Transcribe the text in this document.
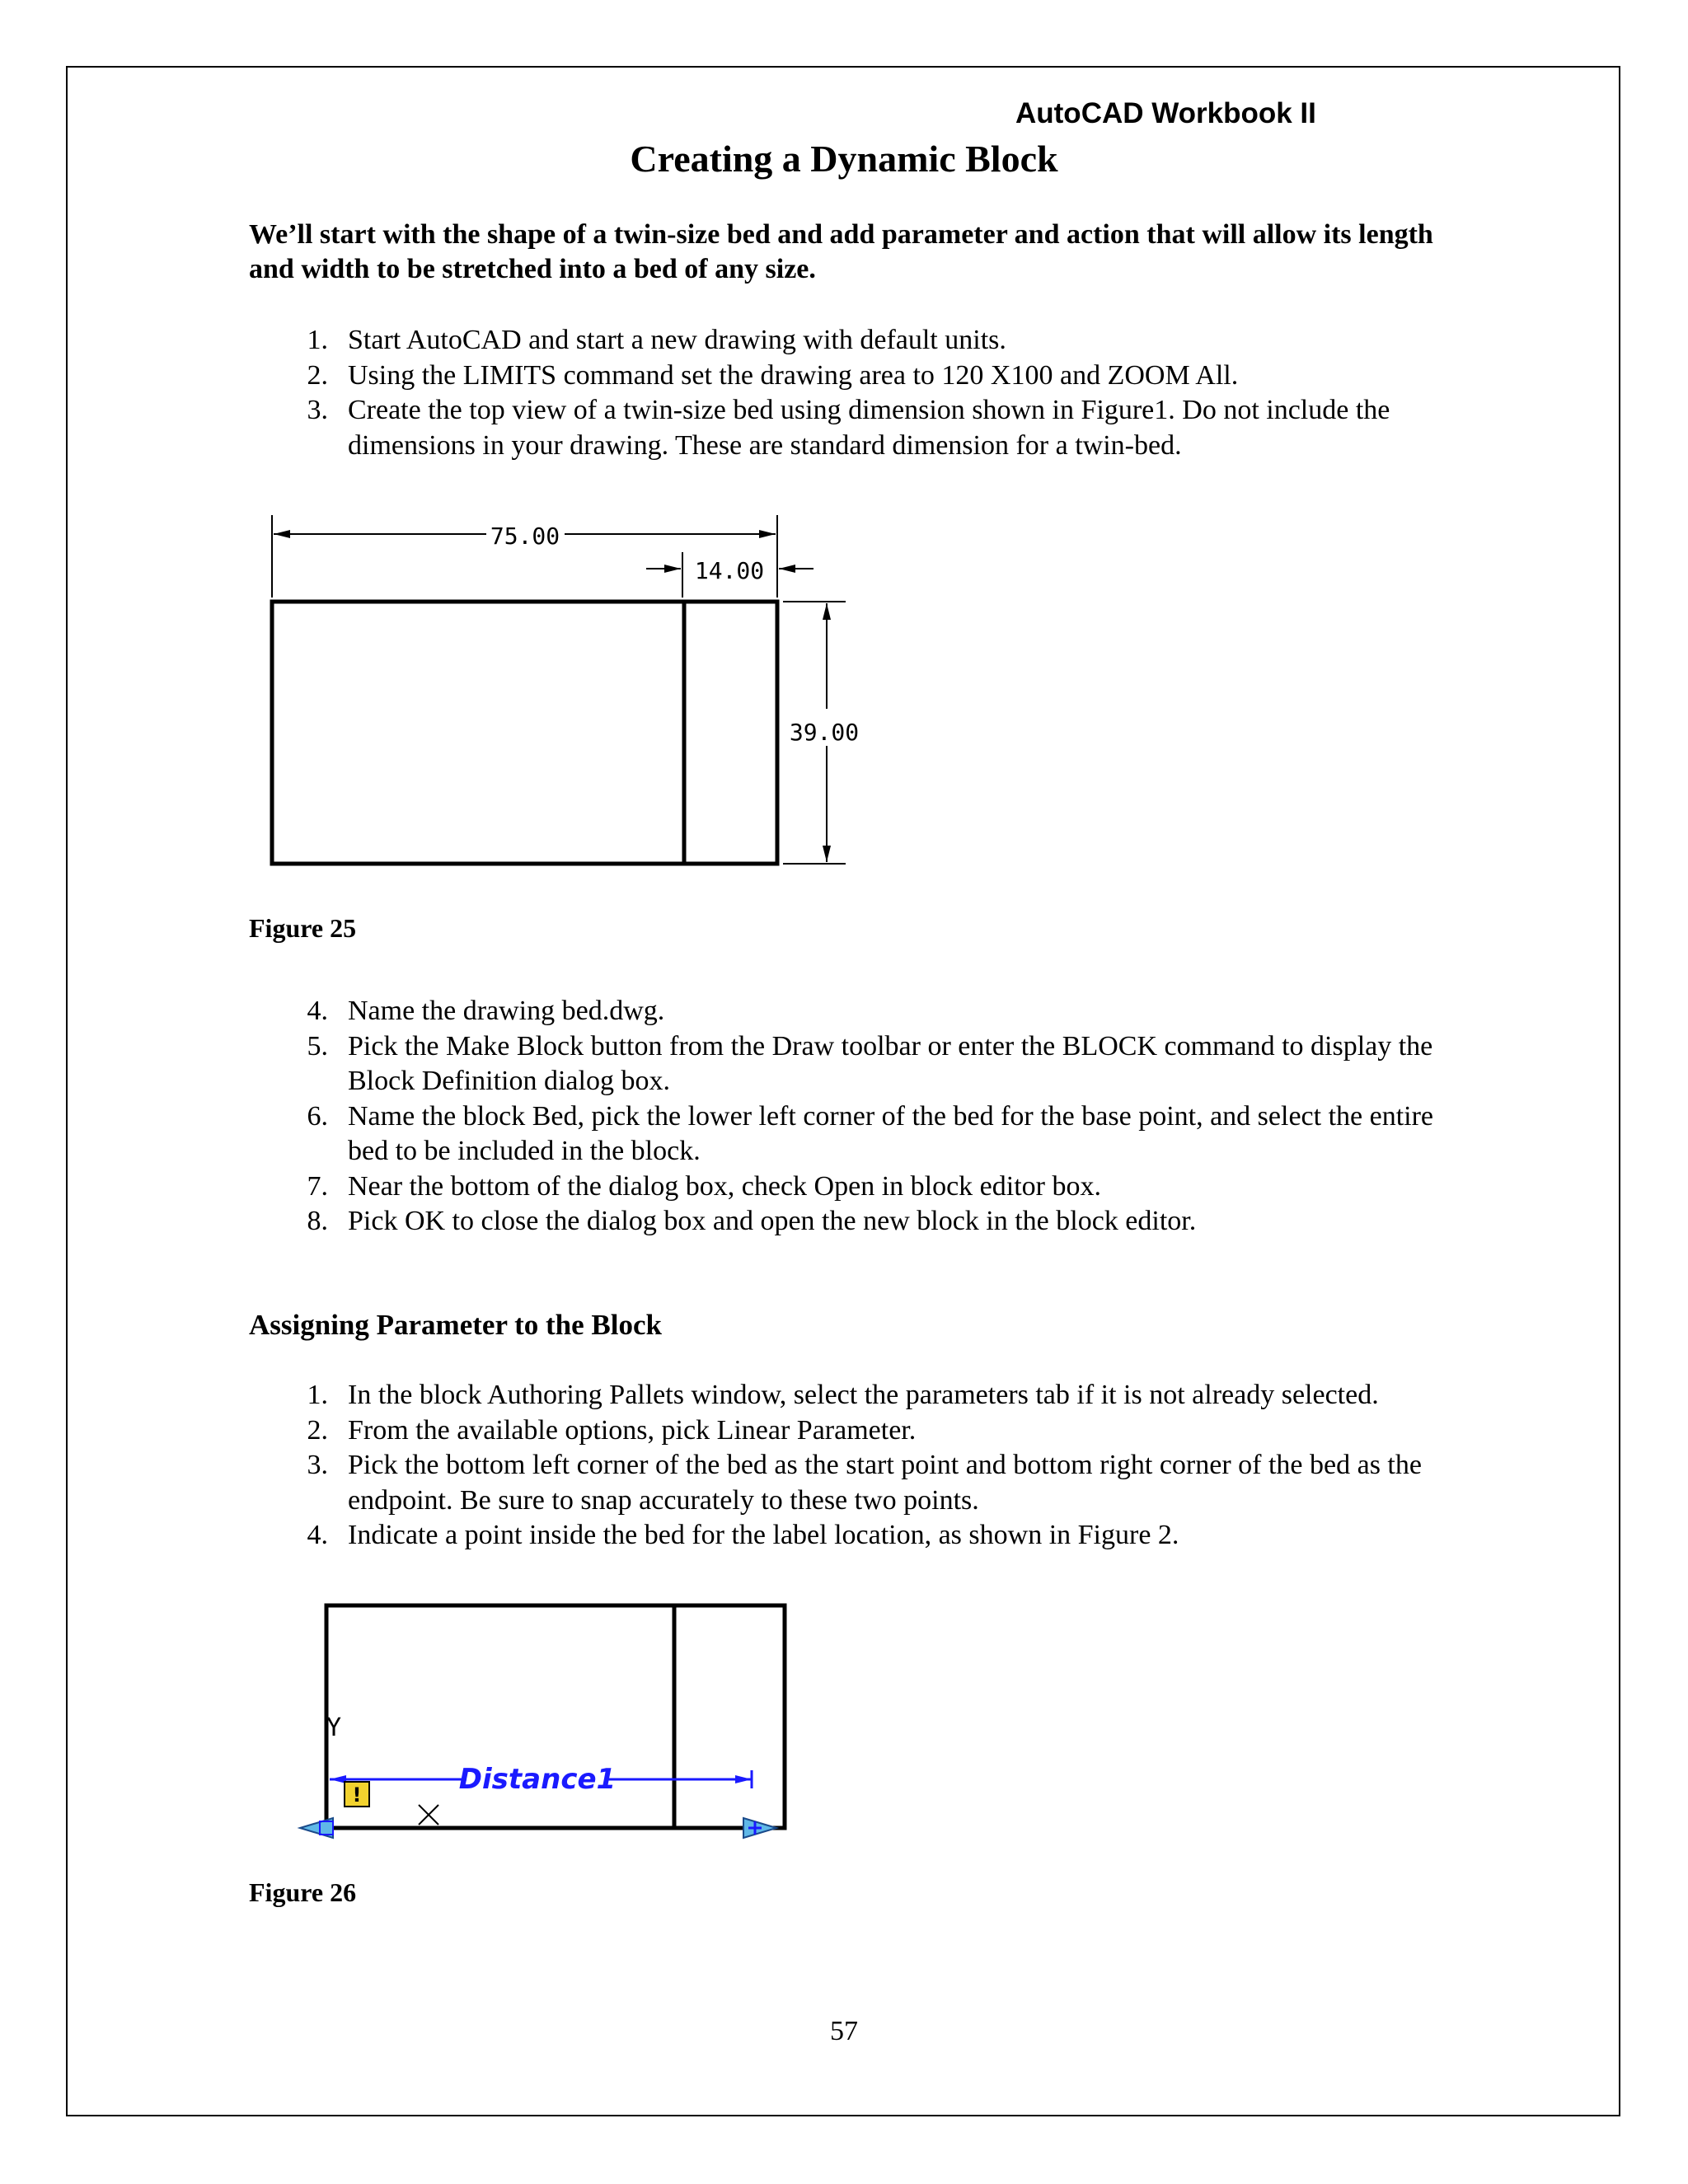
AutoCAD Workbook II
Creating a Dynamic Block
We’ll start with the shape of a twin-size bed and add parameter and action that will allow its length and width to be stretched into a bed of any size.
1. Start AutoCAD and start a new drawing with default units.
2. Using the LIMITS command set the drawing area to 120 X100 and ZOOM All.
3. Create the top view of a twin-size bed using dimension shown in Figure1. Do not include the dimensions in your drawing. These are standard dimension for a twin-bed.
75.00
14.00
39.00
Figure 25
4. Name the drawing bed.dwg.
5. Pick the Make Block button from the Draw toolbar or enter the BLOCK command to display the Block Definition dialog box.
6. Name the block Bed, pick the lower left corner of the bed for the base point, and select the entire bed to be included in the block.
7. Near the bottom of the dialog box, check Open in block editor box.
8. Pick OK to close the dialog box and open the new block in the block editor.
Assigning Parameter to the Block
1. In the block Authoring Pallets window, select the parameters tab if it is not already selected.
2. From the available options, pick Linear Parameter.
3. Pick the bottom left corner of the bed as the start point and bottom right corner of the bed as the endpoint. Be sure to snap accurately to these two points.
4. Indicate a point inside the bed for the label location, as shown in Figure 2.
Y
Distance1
!
Figure 26
57
